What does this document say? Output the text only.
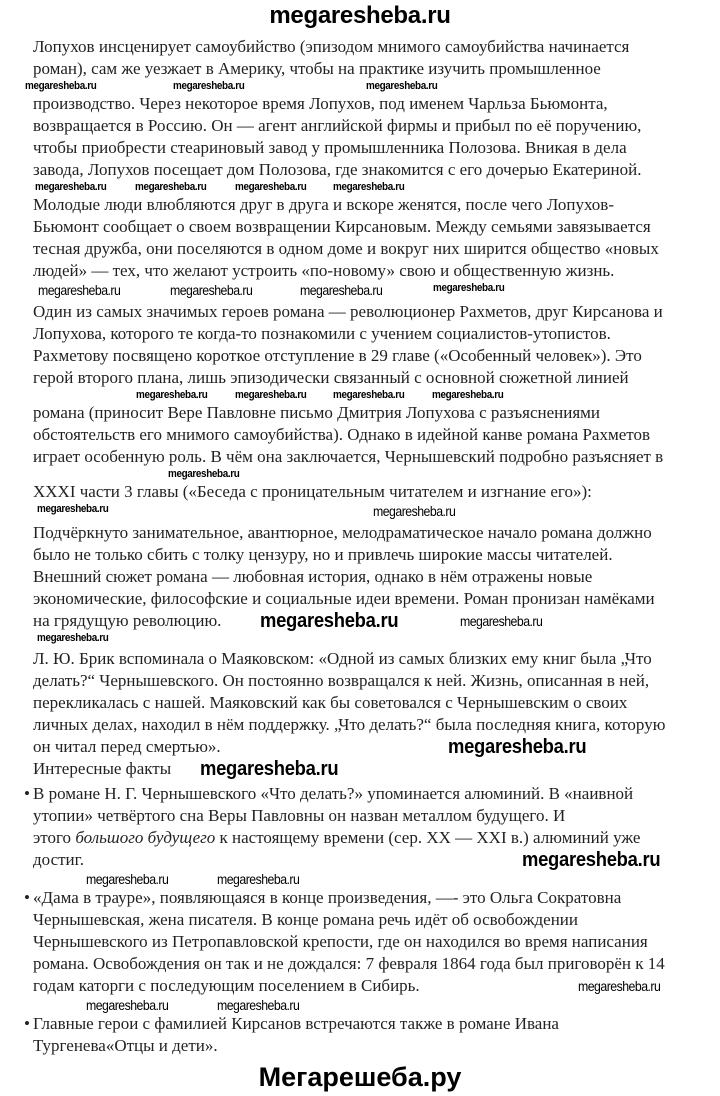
megaresheba.ru
Лопухов инсценирует самоубийство (эпизодом мнимого самоубийства начинается
роман), сам же уезжает в Америку, чтобы на практике изучить промышленное
megaresheba.ru	megaresheba.ru	megaresheba.ru
производство. Через некоторое время Лопухов, под именем Чарльза Бьюмонта,
возвращается в Россию. Он — агент английской фирмы и прибыл по её поручению,
чтобы приобрести стеариновый завод у промышленника Полозова. Вникая в дела
завода, Лопухов посещает дом Полозова, где знакомится с его дочерью Екатериной.
megaresheba.ru	megaresheba.ru	megaresheba.ru megaresheba.ru
Молодые люди влюбляются друг в друга и вскоре женятся, после чего Лопухов-
Бьюмонт сообщает о своем возвращении Кирсановым. Между семьями завязывается
тесная дружба, они поселяются в одном доме и вокруг них ширится общество «новых
людей» — тех, что желают устроить «по-новому» свою и общественную жизнь.
megaresheba.ru	megaresheba.ru	megaresheba.ru	megaresheba.ru
Один из самых значимых героев романа — революционер Рахметов, друг Кирсанова и
Лопухова, которого те когда-то познакомили с учением социалистов-утопистов.
Рахметову посвящено короткое отступление в 29 главе («Особенный человек»). Это
герой второго плана, лишь эпизодически связанный с основной сюжетной линией
megaresheba.ru	megaresheba.ru megaresheba.ru	megaresheba.ru
романа (приносит Вере Павловне письмо Дмитрия Лопухова с разъяснениями
обстоятельств его мнимого самоубийства). Однако в идейной канве романа Рахметов
играет особенную роль. В чём она заключается, Чернышевский подробно разъясняет в
megaresheba.ru
XXXI части 3 главы («Беседа с проницательным читателем и изгнание его»):
megaresheba.ru	megaresheba.ru
Подчёркнуто занимательное, авантюрное, мелодраматическое начало романа должно
было не только сбить с толку цензуру, но и привлечь широкие массы читателей.
Внешний сюжет романа — любовная история, однако в нём отражены новые
экономические, философские и социальные идеи времени. Роман пронизан намёками
на грядущую революцию. megaresheba.ru	megaresheba.ru
megaresheba.ru
Л. Ю. Брик вспоминала о Маяковском: «Одной из самых близких ему книг была „Что
делать?“ Чернышевского. Он постоянно возвращался к ней. Жизнь, описанная в ней,
перекликалась с нашей. Маяковский как бы советовался с Чернышевским о своих
личных делах, находил в нём поддержку. „Что делать?“ была последняя книга, которую
он читал перед смертью».	megaresheba.ru
Интересные факты megaresheba.ru
• В романе Н. Г. Чернышевского «Что делать?» упоминается алюминий. В «наивной
утопии» четвёртого сна Веры Павловны он назван металлом будущего. И
этого большого будущего к настоящему времени (сер. XX — XXI в.) алюминий уже
достиг.	megaresheba.ru
megaresheba.ru	megaresheba.ru
• «Дама в трауре», появляющаяся в конце произведения, —- это Ольга Сократовна
Чернышевская, жена писателя. В конце романа речь идёт об освобождении
Чернышевского из Петропавловской крепости, где он находился во время написания
романа. Освобождения он так и не дождался: 7 февраля 1864 года был приговорён к 14
годам каторги с последующим поселением в Сибирь.	megaresheba.ru
megaresheba.ru	megaresheba.ru
• Главные герои с фамилией Кирсанов встречаются также в романе Ивана
Тургенева«Отцы и дети».
Мегарешеба.ру
